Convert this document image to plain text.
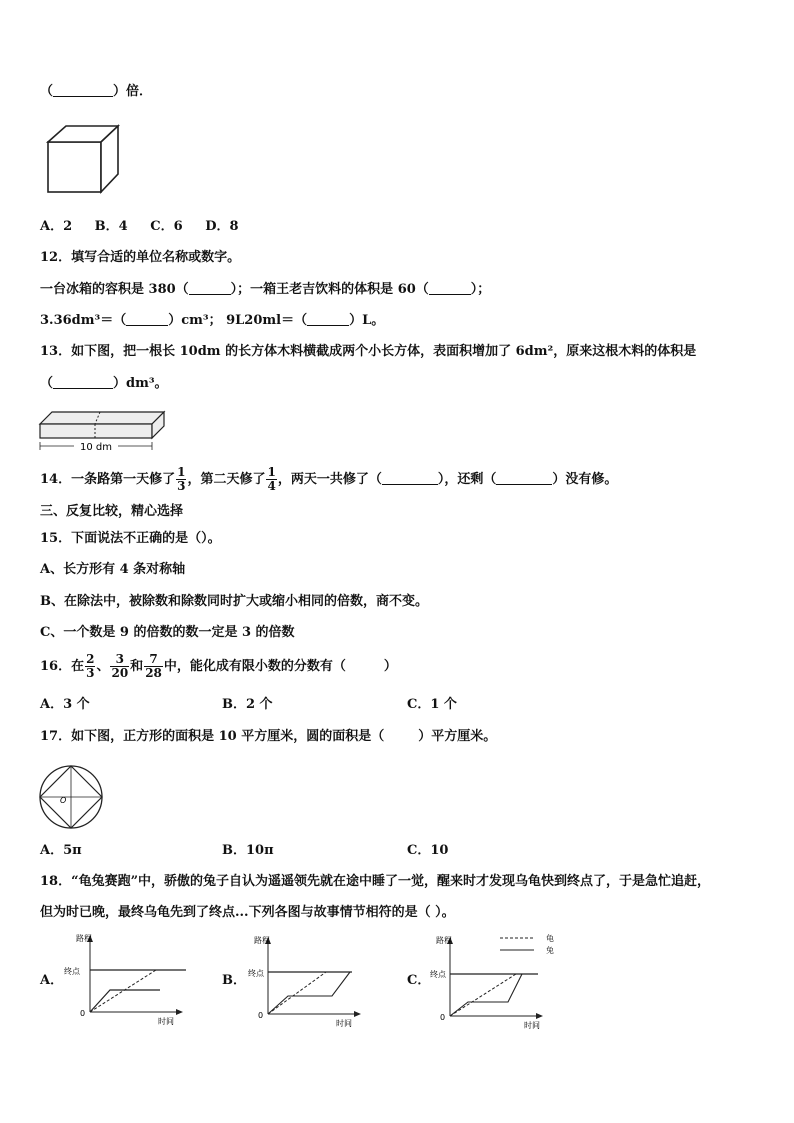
（	）倍．
A．2 B．4 C．6 D．8
12．填写合适的单位名称或数字。
一台冰箱的容积是 380（	）；一箱王老吉饮料的体积是 60（	）；
3.36dm³＝（	）cm³； 9L20ml＝（	）L。
13．如下图，把一根长 10dm 的长方体木料横截成两个小长方体，表面积增加了 6dm²，原来这根木料的体积是
（	）dm³。
10 dm
14．一条路第一天修了 $\frac{1}{3}$ ，第二天修了 $\frac{1}{4}$ ，两天一共修了（	），还剩（	）没有修。
三、反复比较，精心选择
15．下面说法不正确的是（）。
A、长方形有 4 条对称轴
B、在除法中，被除数和除数同时扩大或缩小相同的倍数，商不变。
C、一个数是 9 的倍数的数一定是 3 的倍数
16．在 $\frac{2}{3}$ 、 $\frac{3}{20}$ 和 $\frac{7}{28}$ 中，能化成有限小数的分数有（	）
A．3 个	B．2 个	C．1 个
17．如下图，正方形的面积是 10 平方厘米，圆的面积是（	）平方厘米。
O
A．5π	B．10π	C．10
18．“龟兔赛跑”中，骄傲的兔子自认为遥遥领先就在途中睡了一觉，醒来时才发现乌龟快到终点了，于是急忙追赶，
但为时已晚，最终乌龟先到了终点...下列各图与故事情节相符的是（ ）。
A．
路程
终点
0
时间
B．
路程
终点
0
时间
C．
路程
终点
0
时间
龟
兔
